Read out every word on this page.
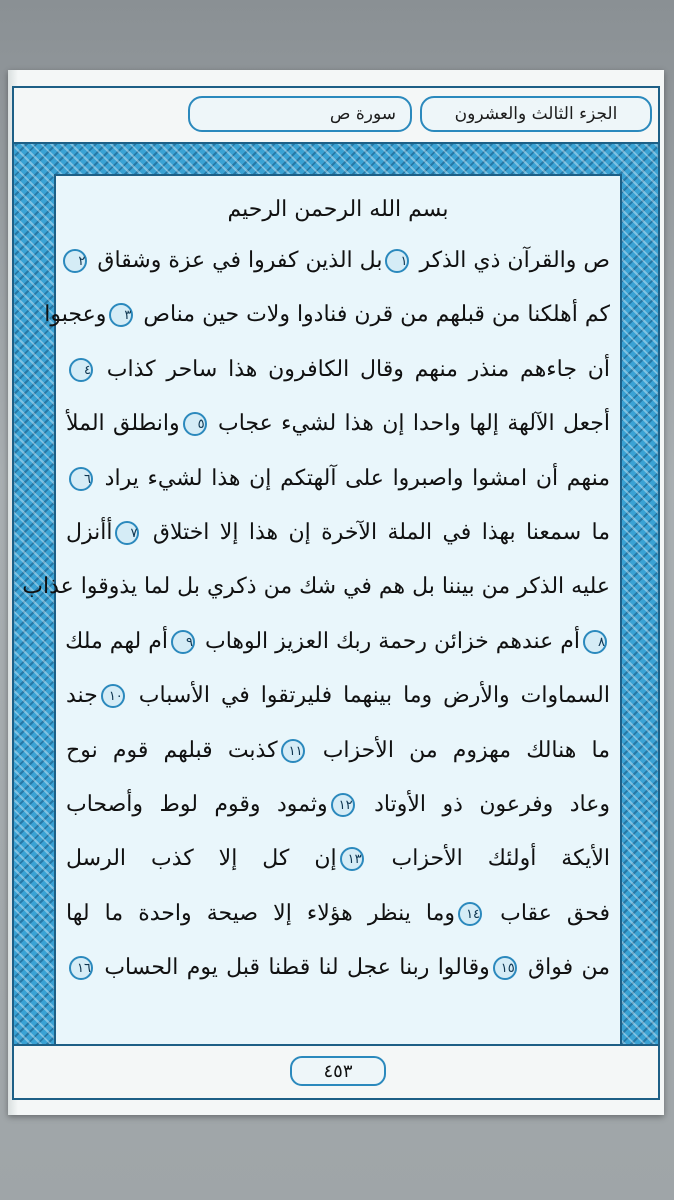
الجزء الثالث والعشرون
سورة ص
بسم الله الرحمن الرحيم
ص والقرآن ذي الذكر ١بل الذين كفروا في عزة وشقاق ٢
كم أهلكنا من قبلهم من قرن فنادوا ولات حين مناص ٣وعجبوا
أن جاءهم منذر منهم وقال الكافرون هذا ساحر كذاب ٤
أجعل الآلهة إلها واحدا إن هذا لشيء عجاب ٥وانطلق الملأ
منهم أن امشوا واصبروا على آلهتكم إن هذا لشيء يراد ٦
ما سمعنا بهذا في الملة الآخرة إن هذا إلا اختلاق ٧أأنزل
عليه الذكر من بيننا بل هم في شك من ذكري بل لما يذوقوا عذاب
٨أم عندهم خزائن رحمة ربك العزيز الوهاب ٩أم لهم ملك
السماوات والأرض وما بينهما فليرتقوا في الأسباب ١٠جند
ما هنالك مهزوم من الأحزاب ١١كذبت قبلهم قوم نوح
وعاد وفرعون ذو الأوتاد ١٢وثمود وقوم لوط وأصحاب
الأيكة أولئك الأحزاب ١٣إن كل إلا كذب الرسل
فحق عقاب ١٤وما ينظر هؤلاء إلا صيحة واحدة ما لها
من فواق ١٥وقالوا ربنا عجل لنا قطنا قبل يوم الحساب ١٦
٤٥٣
